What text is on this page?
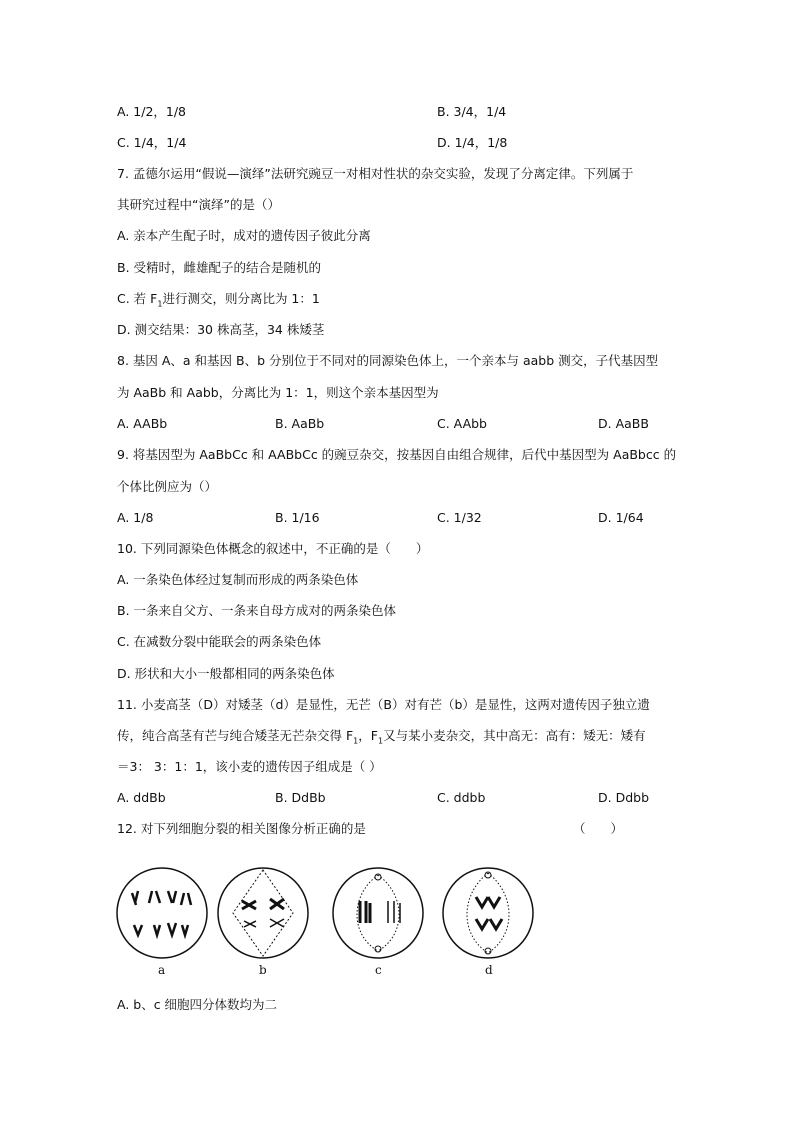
A. 1/2，1/8	B. 3/4，1/4
C. 1/4，1/4	D. 1/4，1/8
7. 孟德尔运用“假说—演绎”法研究豌豆一对相对性状的杂交实验，发现了分离定律。下列属于
其研究过程中“演绎”的是（）
A. 亲本产生配子时，成对的遗传因子彼此分离
B. 受精时，雌雄配子的结合是随机的
C. 若 $F_1$进行测交，则分离比为 1：1
D. 测交结果：30 株高茎，34 株矮茎
8. 基因 A、a 和基因 B、b 分别位于不同对的同源染色体上，一个亲本与 aabb 测交，子代基因型
为 AaBb 和 Aabb，分离比为 1：1，则这个亲本基因型为
A. AABb	B. AaBb	C. AAbb	D. AaBB
9. 将基因型为 AaBbCc 和 AABbCc 的豌豆杂交，按基因自由组合规律，后代中基因型为 AaBbcc 的
个体比例应为（）
A. 1/8	B. 1/16	C. 1/32	D. 1/64
10. 下列同源染色体概念的叙述中，不正确的是（　　）
A. 一条染色体经过复制而形成的两条染色体
B. 一条来自父方、一条来自母方成对的两条染色体
C. 在减数分裂中能联会的两条染色体
D. 形状和大小一般都相同的两条染色体
11. 小麦高茎（D）对矮茎（d）是显性，无芒（B）对有芒（b）是显性，这两对遗传因子独立遗
传，纯合高茎有芒与纯合矮茎无芒杂交得 $F_1$，$F_1$又与某小麦杂交，其中高无：高有：矮无：矮有
＝3： 3：1：1，该小麦的遗传因子组成是（ ）
A. ddBb	B. DdBb	C. ddbb	D. Ddbb
12. 对下列细胞分裂的相关图像分析正确的是	（　　）
a	b	c	d
A. b、c 细胞四分体数均为二
